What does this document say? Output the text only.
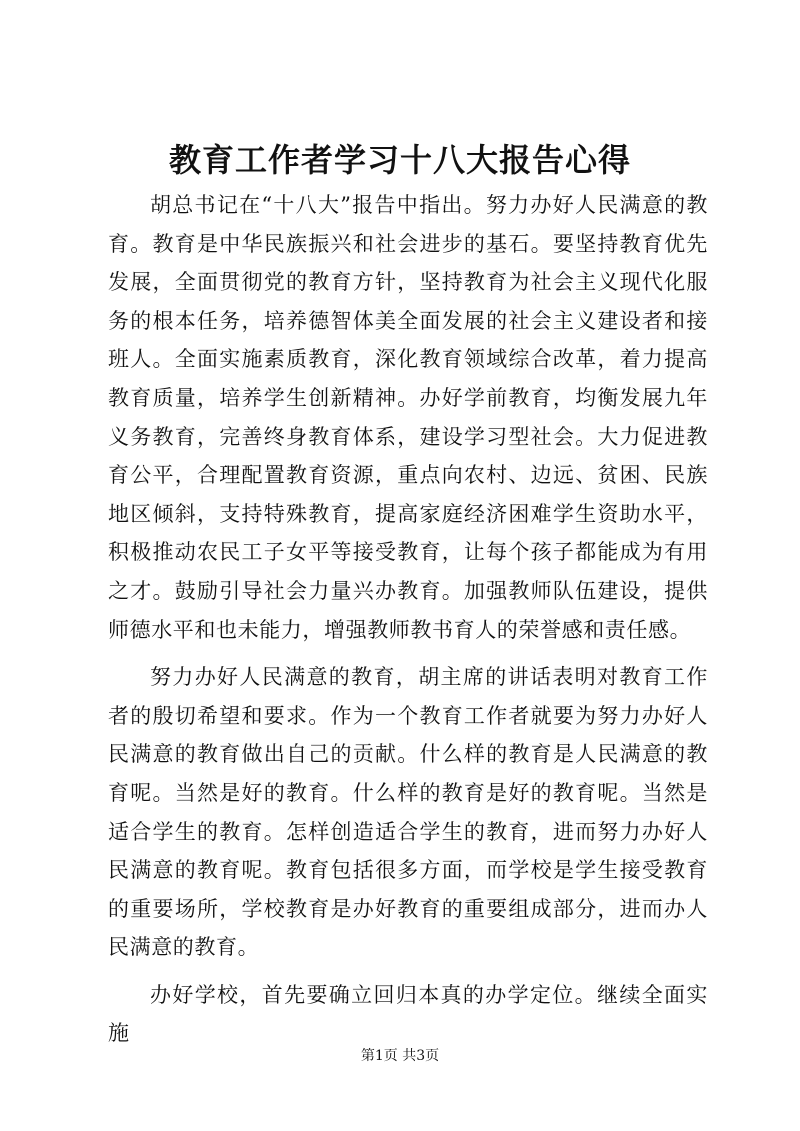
教育工作者学习十八大报告心得

胡总书记在“十八大”报告中指出。努力办好人民满意的教育。教育是中华民族振兴和社会进步的基石。要坚持教育优先发展，全面贯彻党的教育方针，坚持教育为社会主义现代化服务的根本任务，培养德智体美全面发展的社会主义建设者和接班人。全面实施素质教育，深化教育领域综合改革，着力提高教育质量，培养学生创新精神。办好学前教育，均衡发展九年义务教育，完善终身教育体系，建设学习型社会。大力促进教育公平，合理配置教育资源，重点向农村、边远、贫困、民族地区倾斜，支持特殊教育，提高家庭经济困难学生资助水平，积极推动农民工子女平等接受教育，让每个孩子都能成为有用之才。鼓励引导社会力量兴办教育。加强教师队伍建设，提供师德水平和也未能力，增强教师教书育人的荣誉感和责任感。

努力办好人民满意的教育，胡主席的讲话表明对教育工作者的殷切希望和要求。作为一个教育工作者就要为努力办好人民满意的教育做出自己的贡献。什么样的教育是人民满意的教育呢。当然是好的教育。什么样的教育是好的教育呢。当然是适合学生的教育。怎样创造适合学生的教育，进而努力办好人民满意的教育呢。教育包括很多方面，而学校是学生接受教育的重要场所，学校教育是办好教育的重要组成部分，进而办人民满意的教育。

办好学校，首先要确立回归本真的办学定位。继续全面实施

第1页 共3页
